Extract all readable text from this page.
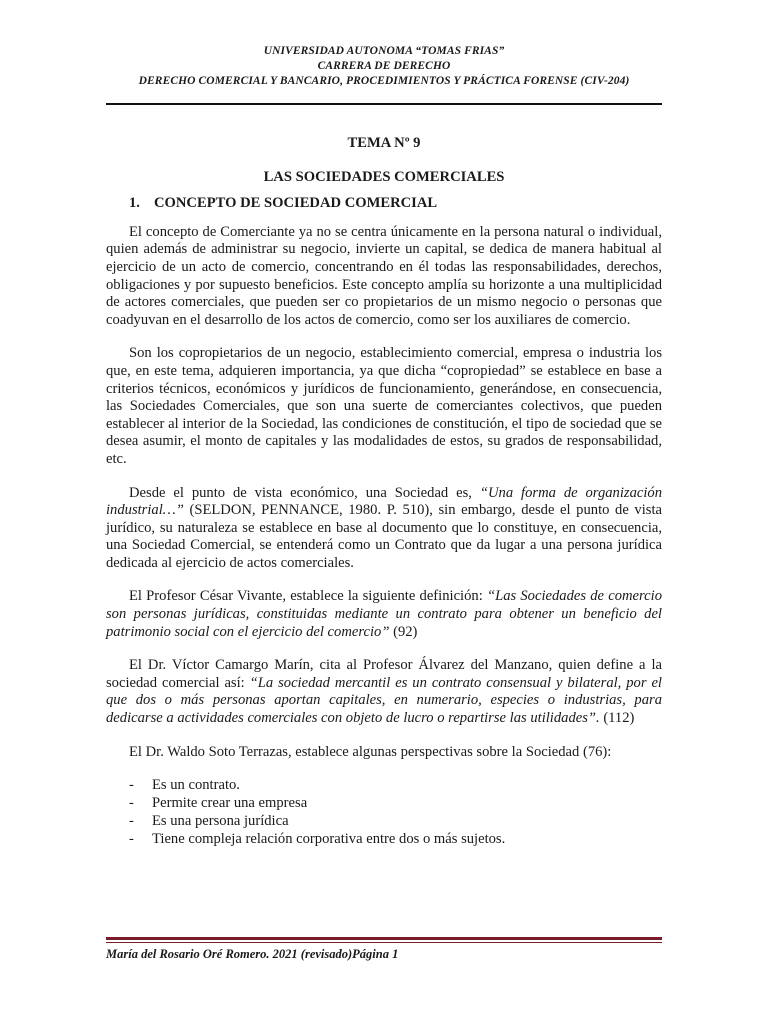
UNIVERSIDAD AUTONOMA “TOMAS FRIAS”
CARRERA DE DERECHO
DERECHO COMERCIAL Y BANCARIO, PROCEDIMIENTOS Y PRÁCTICA FORENSE (CIV-204)
TEMA Nº 9
LAS SOCIEDADES COMERCIALES
1. CONCEPTO DE SOCIEDAD COMERCIAL

El concepto de Comerciante ya no se centra únicamente en la persona natural o individual, quien además de administrar su negocio, invierte un capital, se dedica de manera habitual al ejercicio de un acto de comercio, concentrando en él todas las responsabilidades, derechos, obligaciones y por supuesto beneficios. Este concepto amplía su horizonte a una multiplicidad de actores comerciales, que pueden ser co propietarios de un mismo negocio o personas que coadyuvan en el desarrollo de los actos de comercio, como ser los auxiliares de comercio.

Son los copropietarios de un negocio, establecimiento comercial, empresa o industria los que, en este tema, adquieren importancia, ya que dicha “copropiedad” se establece en base a criterios técnicos, económicos y jurídicos de funcionamiento, generándose, en consecuencia, las Sociedades Comerciales, que son una suerte de comerciantes colectivos, que pueden establecer al interior de la Sociedad, las condiciones de constitución, el tipo de sociedad que se desea asumir, el monto de capitales y las modalidades de estos, su grados de responsabilidad, etc.

Desde el punto de vista económico, una Sociedad es, “Una forma de organización industrial…” (SELDON, PENNANCE, 1980. P. 510), sin embargo, desde el punto de vista jurídico, su naturaleza se establece en base al documento que lo constituye, en consecuencia, una Sociedad Comercial, se entenderá como un Contrato que da lugar a una persona jurídica dedicada al ejercicio de actos comerciales.

El Profesor César Vivante, establece la siguiente definición: “Las Sociedades de comercio son personas jurídicas, constituidas mediante un contrato para obtener un beneficio del patrimonio social con el ejercicio del comercio” (92)

El Dr. Víctor Camargo Marín, cita al Profesor Álvarez del Manzano, quien define a la sociedad comercial así: “La sociedad mercantil es un contrato consensual y bilateral, por el que dos o más personas aportan capitales, en numerario, especies o industrias, para dedicarse a actividades comerciales con objeto de lucro o repartirse las utilidades”. (112)

El Dr. Waldo Soto Terrazas, establece algunas perspectivas sobre la Sociedad (76):

- Es un contrato.
- Permite crear una empresa
- Es una persona jurídica
- Tiene compleja relación corporativa entre dos o más sujetos.
María del Rosario Oré Romero. 2021 (revisado)Página 1
